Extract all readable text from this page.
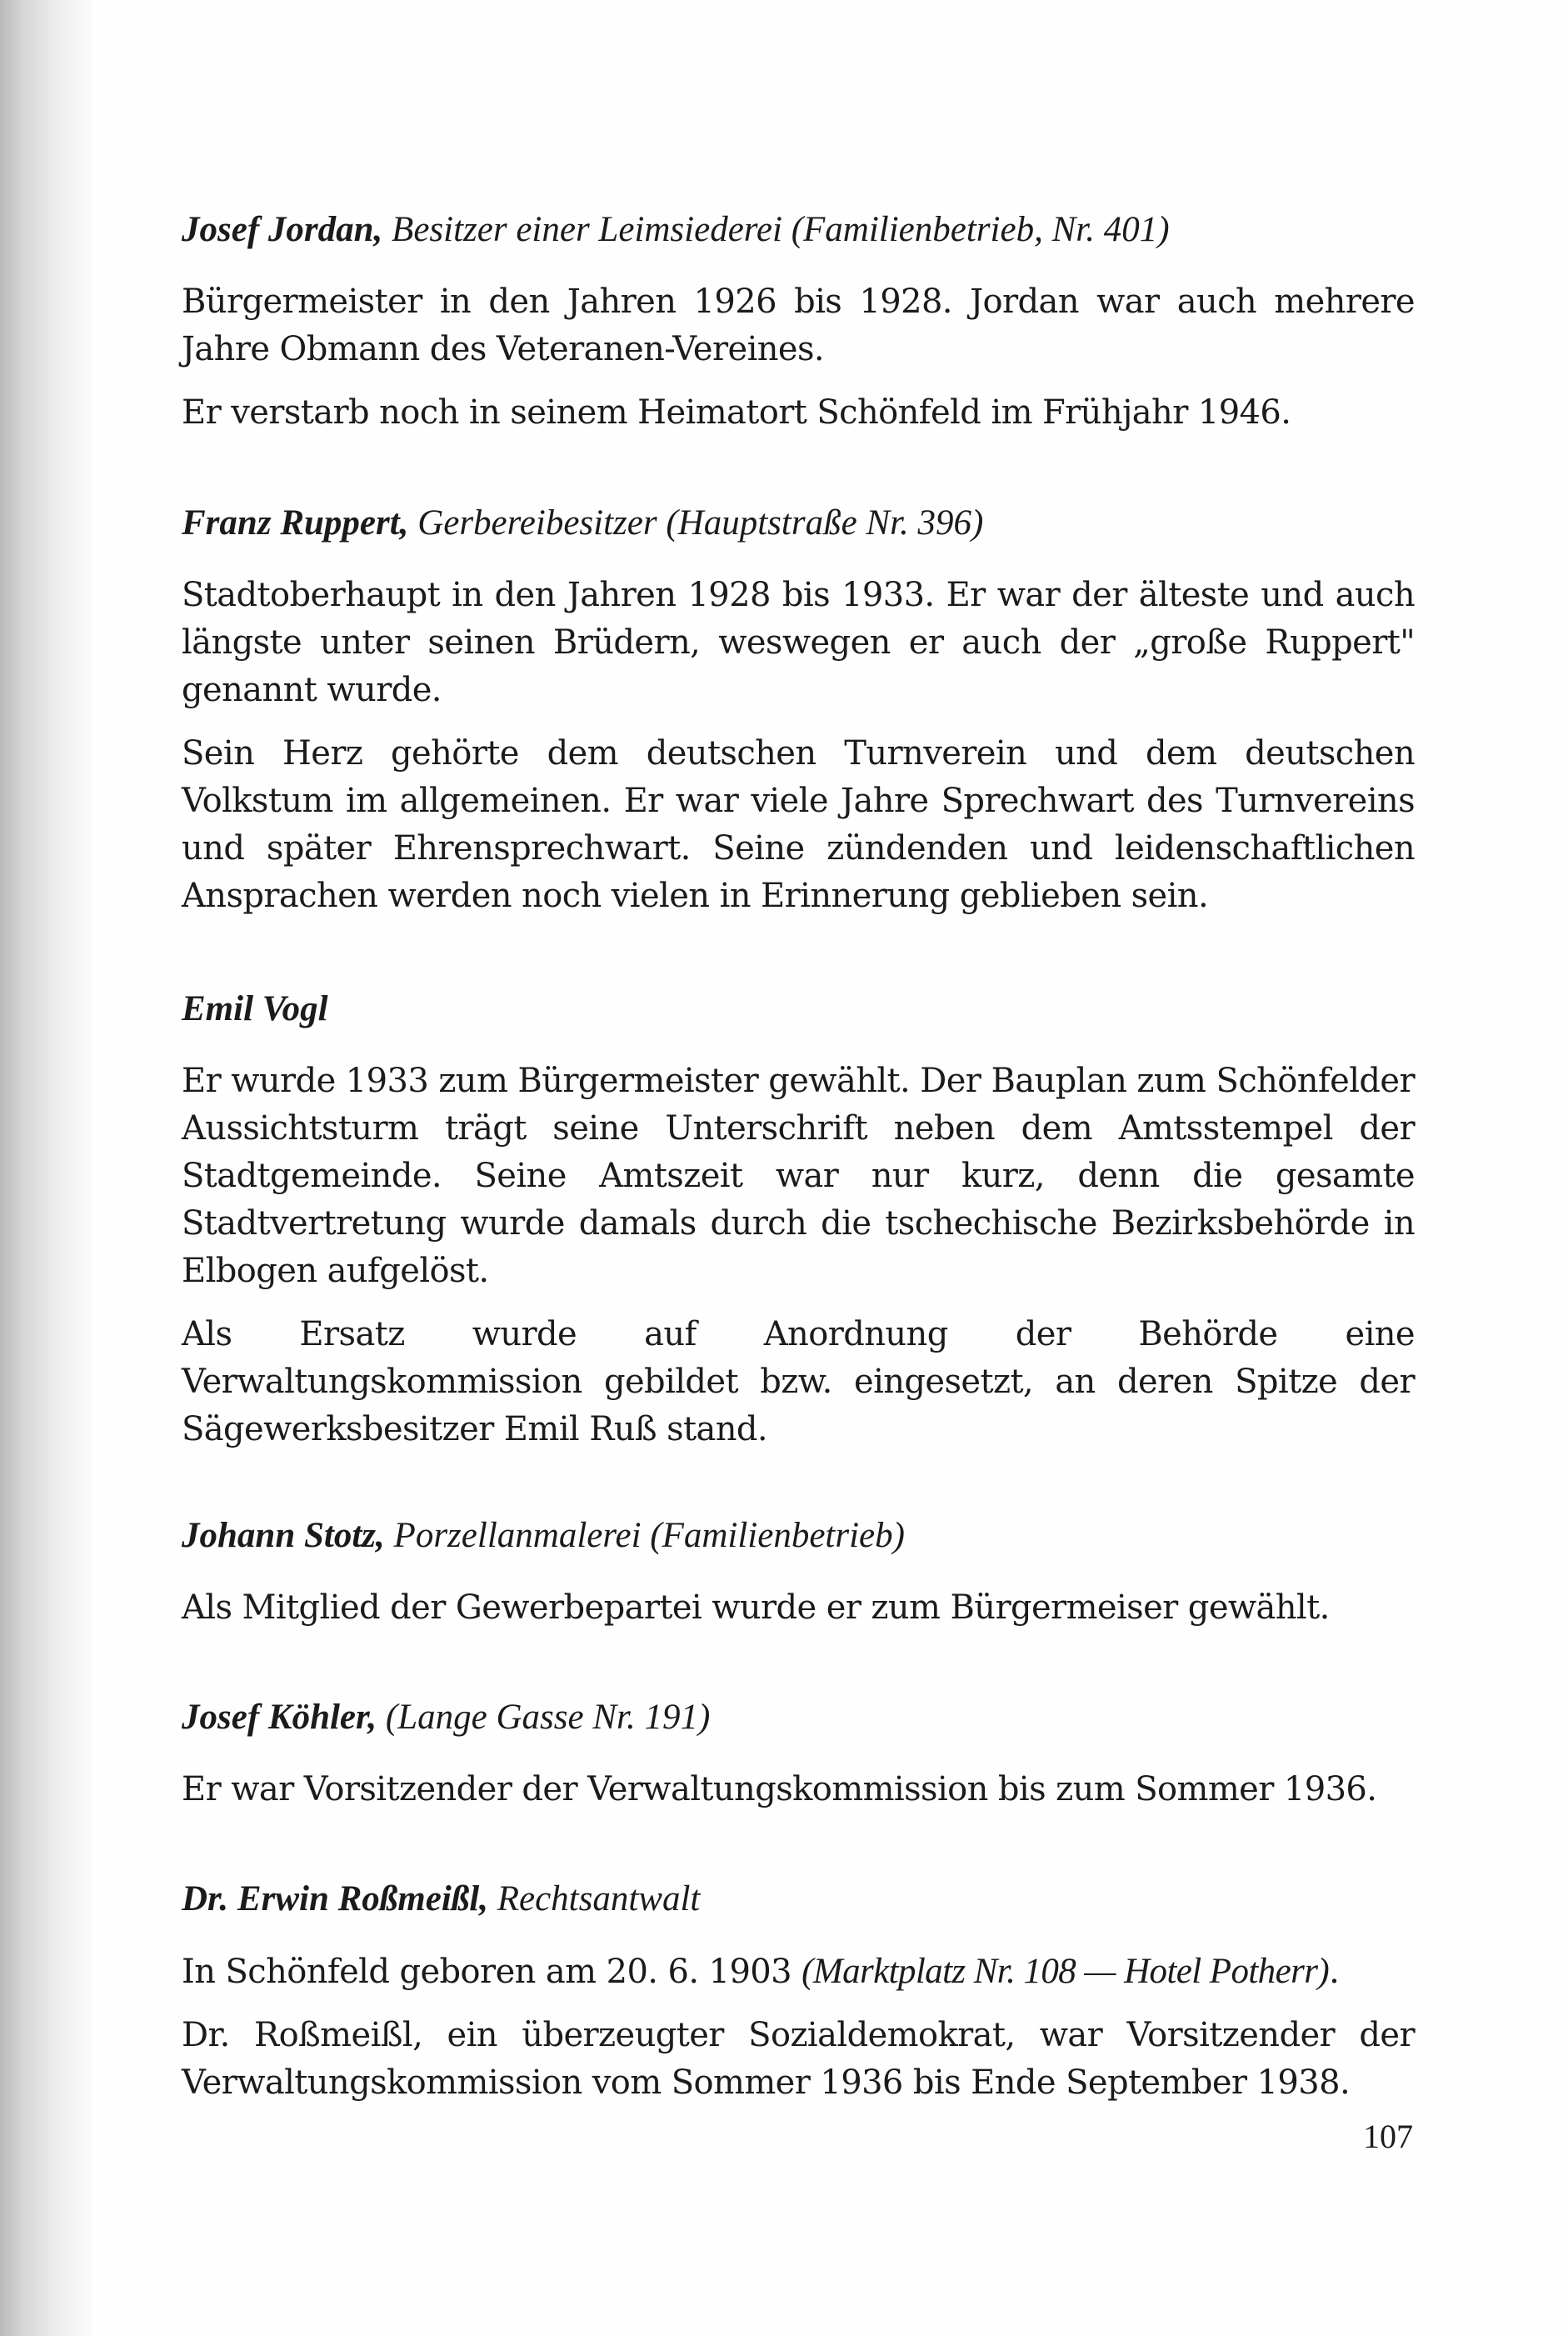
Josef Jordan, Besitzer einer Leimsiederei (Familienbetrieb, Nr. 401)

Bürgermeister in den Jahren 1926 bis 1928. Jordan war auch mehrere Jahre Obmann des Veteranen-Vereines.

Er verstarb noch in seinem Heimatort Schönfeld im Frühjahr 1946.

Franz Ruppert, Gerbereibesitzer (Hauptstraße Nr. 396)

Stadtoberhaupt in den Jahren 1928 bis 1933. Er war der älteste und auch längste unter seinen Brüdern, weswegen er auch der „große Ruppert" genannt wurde.

Sein Herz gehörte dem deutschen Turnverein und dem deutschen Volkstum im allgemeinen. Er war viele Jahre Sprechwart des Turnvereins und später Ehrensprechwart. Seine zündenden und leidenschaftlichen Ansprachen werden noch vielen in Erinnerung geblieben sein.

Emil Vogl

Er wurde 1933 zum Bürgermeister gewählt. Der Bauplan zum Schönfelder Aussichtsturm trägt seine Unterschrift neben dem Amtsstempel der Stadtgemeinde. Seine Amtszeit war nur kurz, denn die gesamte Stadtvertretung wurde damals durch die tschechische Bezirksbehörde in Elbogen aufgelöst.

Als Ersatz wurde auf Anordnung der Behörde eine Verwaltungskommission gebildet bzw. eingesetzt, an deren Spitze der Sägewerksbesitzer Emil Ruß stand.

Johann Stotz, Porzellanmalerei (Familienbetrieb)

Als Mitglied der Gewerbepartei wurde er zum Bürgermeiser gewählt.

Josef Köhler, (Lange Gasse Nr. 191)

Er war Vorsitzender der Verwaltungskommission bis zum Sommer 1936.

Dr. Erwin Roßmeißl, Rechtsantwalt

In Schönfeld geboren am 20. 6. 1903 (Marktplatz Nr. 108 — Hotel Potherr).

Dr. Roßmeißl, ein überzeugter Sozialdemokrat, war Vorsitzender der Verwaltungskommission vom Sommer 1936 bis Ende September 1938.

107
